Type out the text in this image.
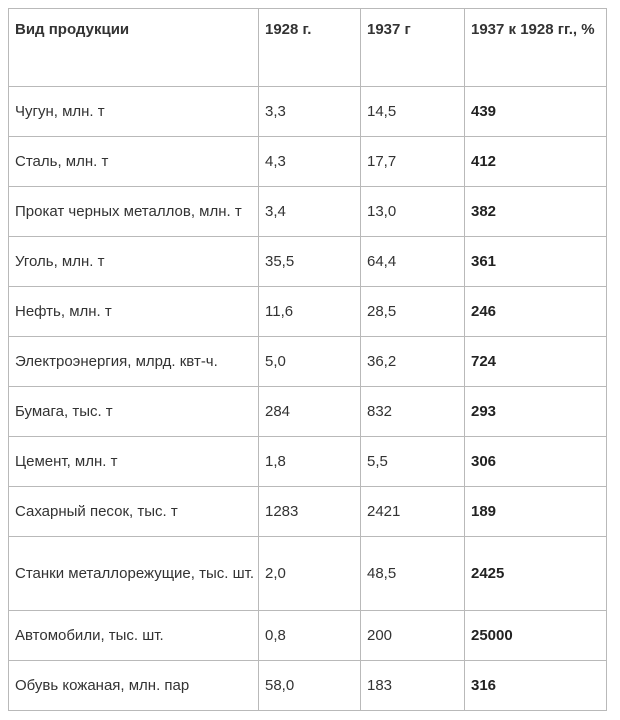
Вид продукции	1928 г.	1937 г	1937 к 1928 гг., %
Чугун, млн. т	3,3	14,5	439
Сталь, млн. т	4,3	17,7	412
Прокат черных металлов, млн. т	3,4	13,0	382
Уголь, млн. т	35,5	64,4	361
Нефть, млн. т	11,6	28,5	246
Электроэнергия, млрд. квт-ч.	5,0	36,2	724
Бумага, тыс. т	284	832	293
Цемент, млн. т	1,8	5,5	306
Сахарный песок, тыс. т	1283	2421	189
Станки металлорежущие, тыс. шт.	2,0	48,5	2425
Автомобили, тыс. шт.	0,8	200	25000
Обувь кожаная, млн. пар	58,0	183	316
